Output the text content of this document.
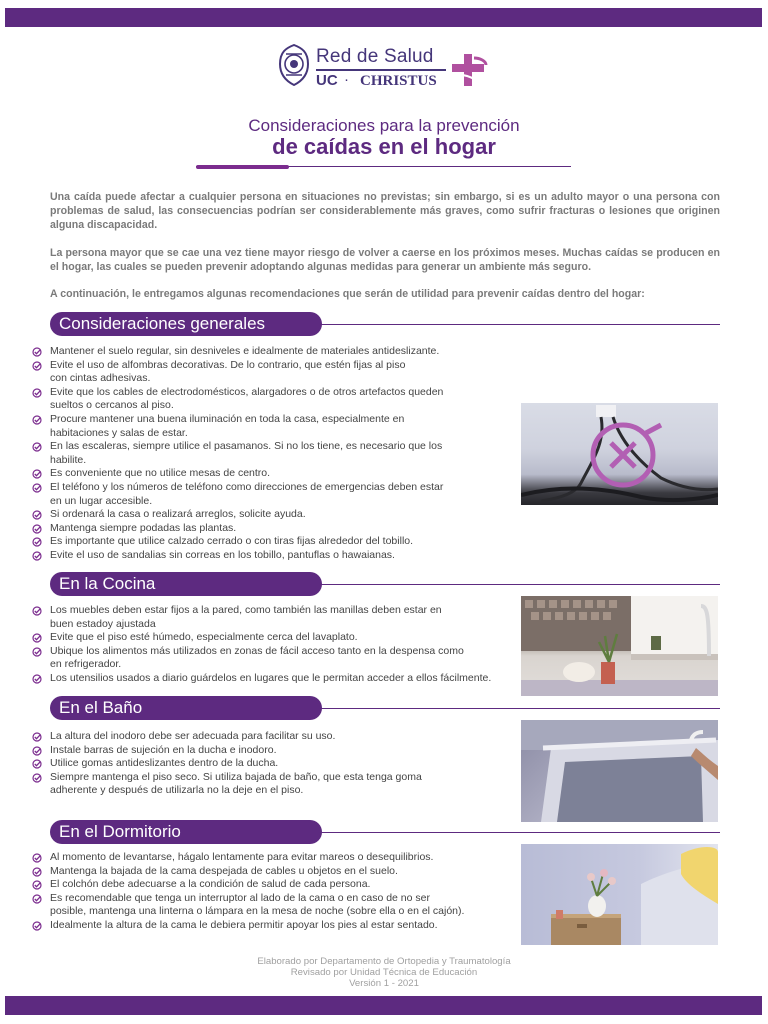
Red de Salud
UC · CHRISTUS
Consideraciones para la prevención
de caídas en el hogar

Una caída puede afectar a cualquier persona en situaciones no previstas; sin embargo, si es un adulto mayor o una persona con problemas de salud, las consecuencias podrían ser considerablemente más graves, como sufrir fracturas o lesiones que originen alguna discapacidad.

La persona mayor que se cae una vez tiene mayor riesgo de volver a caerse en los próximos meses. Muchas caídas se producen en el hogar, las cuales se pueden prevenir adoptando algunas medidas para generar un ambiente más seguro.

A continuación, le entregamos algunas recomendaciones que serán de utilidad para prevenir caídas dentro del hogar:

Consideraciones generales
Mantener el suelo regular, sin desniveles e idealmente de materiales antideslizante.
Evite el uso de alfombras decorativas. De lo contrario, que estén fijas al piso
con cintas adhesivas.
Evite que los cables de electrodomésticos, alargadores o de otros artefactos queden
sueltos o cercanos al piso.
Procure mantener una buena iluminación en toda la casa, especialmente en
habitaciones y salas de estar.
En las escaleras, siempre utilice el pasamanos. Si no los tiene, es necesario que los
habilite.
Es conveniente que no utilice mesas de centro.
El teléfono y los números de teléfono como direcciones de emergencias deben estar
en un lugar accesible.
Si ordenará la casa o realizará arreglos, solicite ayuda.
Mantenga siempre podadas las plantas.
Es importante que utilice calzado cerrado o con tiras fijas alrededor del tobillo.
Evite el uso de sandalias sin correas en los tobillo, pantuflas o hawaianas.
En la Cocina
Los muebles deben estar fijos a la pared, como también las manillas deben estar en
buen estadoy ajustada
Evite que el piso esté húmedo, especialmente cerca del lavaplato.
Ubique los alimentos más utilizados en zonas de fácil acceso tanto en la despensa como
en refrigerador.
Los utensilios usados a diario guárdelos en lugares que le permitan acceder a ellos fácilmente.
En el Baño
La altura del inodoro debe ser adecuada para facilitar su uso.
Instale barras de sujeción en la ducha e inodoro.
Utilice gomas antideslizantes dentro de la ducha.
Siempre mantenga el piso seco. Si utiliza bajada de baño, que esta tenga goma
adherente y después de utilizarla no la deje en el piso.
En el Dormitorio
Al momento de levantarse, hágalo lentamente para evitar mareos o desequilibrios.
Mantenga la bajada de la cama despejada de cables u objetos en el suelo.
El colchón debe adecuarse a la condición de salud de cada persona.
Es recomendable que tenga un interruptor al lado de la cama o en caso de no ser
posible, mantenga una linterna o lámpara en la mesa de noche (sobre ella o en el cajón).
Idealmente la altura de la cama le debiera permitir apoyar los pies al estar sentado.
Elaborado por Departamento de Ortopedia y Traumatología
Revisado por Unidad Técnica de Educación
Versión 1 - 2021
